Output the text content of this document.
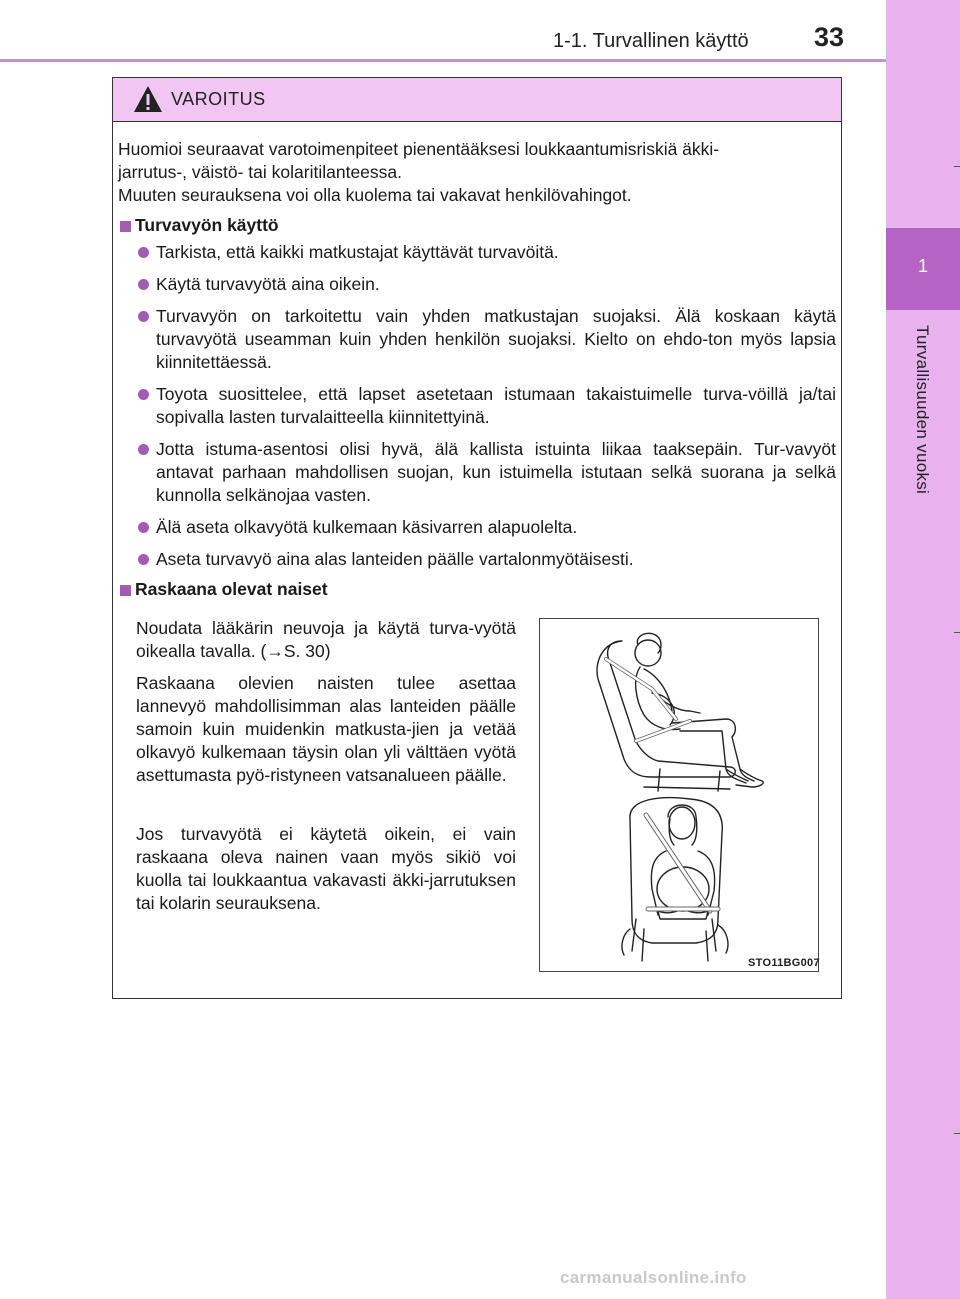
1-1. Turvallinen käyttö 33
1
Turvallisuuden vuoksi
VAROITUS
Huomioi seuraavat varotoimenpiteet pienentääksesi loukkaantumisriskiä äkki-
jarrutus-, väistö- tai kolaritilanteessa.
Muuten seurauksena voi olla kuolema tai vakavat henkilövahingot.
Turvavyön käyttö
Tarkista, että kaikki matkustajat käyttävät turvavöitä.
Käytä turvavyötä aina oikein.
Turvavyön on tarkoitettu vain yhden matkustajan suojaksi. Älä koskaan käytä turvavyötä useamman kuin yhden henkilön suojaksi. Kielto on ehdo-ton myös lapsia kiinnitettäessä.
Toyota suosittelee, että lapset asetetaan istumaan takaistuimelle turva-vöillä ja/tai sopivalla lasten turvalaitteella kiinnitettyinä.
Jotta istuma-asentosi olisi hyvä, älä kallista istuinta liikaa taaksepäin. Tur-vavyöt antavat parhaan mahdollisen suojan, kun istuimella istutaan selkä suorana ja selkä kunnolla selkänojaa vasten.
Älä aseta olkavyötä kulkemaan käsivarren alapuolelta.
Aseta turvavyö aina alas lanteiden päälle vartalonmyötäisesti.
Raskaana olevat naiset
Noudata lääkärin neuvoja ja käytä turva-vyötä oikealla tavalla. (→S. 30)
Raskaana olevien naisten tulee asettaa lannevyö mahdollisimman alas lanteiden päälle samoin kuin muidenkin matkusta-jien ja vetää olkavyö kulkemaan täysin olan yli välttäen vyötä asettumasta pyö-ristyneen vatsanalueen päälle.
Jos turvavyötä ei käytetä oikein, ei vain raskaana oleva nainen vaan myös sikiö voi kuolla tai loukkaantua vakavasti äkki-jarrutuksen tai kolarin seurauksena.
STO11BG007
carmanualsonline.info
